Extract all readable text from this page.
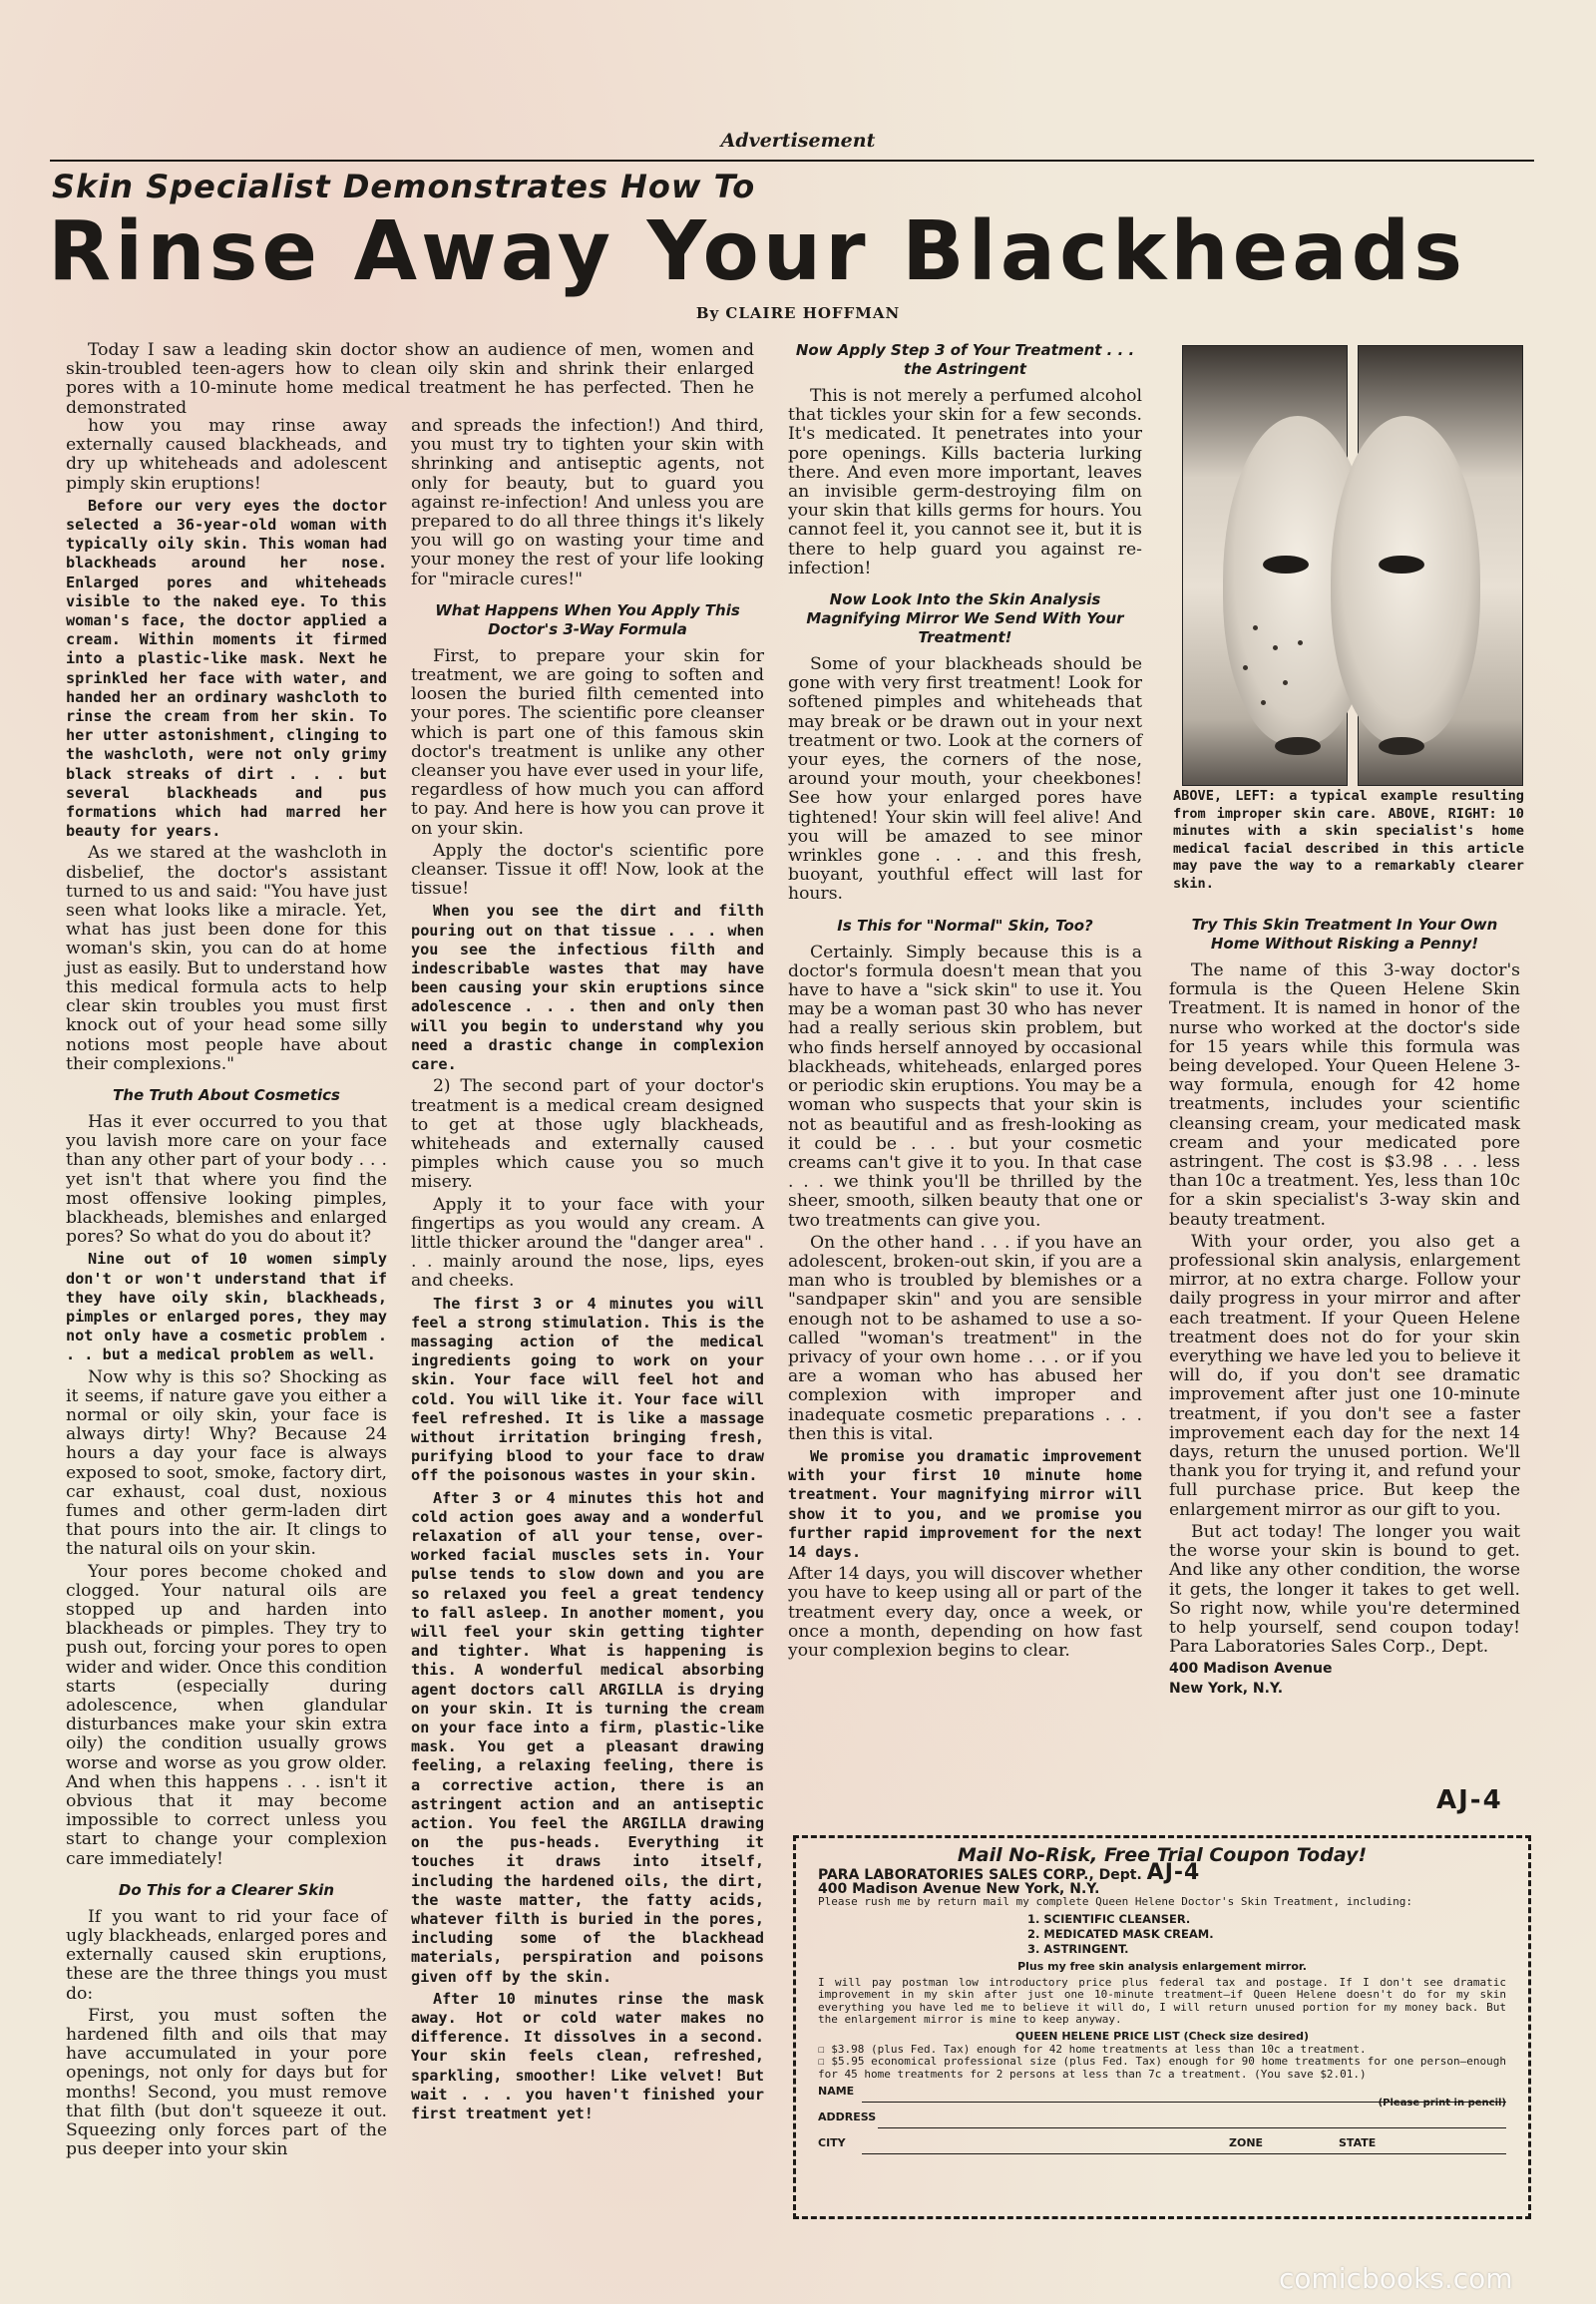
Advertisement
Skin Specialist Demonstrates How To
Rinse Away Your Blackheads
By CLAIRE HOFFMAN

Today I saw a leading skin doctor show an audience of men, women and skin-troubled teen-agers how to clean oily skin and shrink their enlarged pores with a 10-minute home medical treatment he has perfected. Then he demonstrated

how you may rinse away externally caused blackheads, and dry up whiteheads and adolescent pimply skin eruptions!

Before our very eyes the doctor selected a 36-year-old woman with typically oily skin. This woman had blackheads around her nose. Enlarged pores and whiteheads visible to the naked eye. To this woman's face, the doctor applied a cream. Within moments it firmed into a plastic-like mask. Next he sprinkled her face with water, and handed her an ordinary washcloth to rinse the cream from her skin. To her utter astonishment, clinging to the washcloth, were not only grimy black streaks of dirt . . . but several blackheads and pus formations which had marred her beauty for years.

As we stared at the washcloth in disbelief, the doctor's assistant turned to us and said: "You have just seen what looks like a miracle. Yet, what has just been done for this woman's skin, you can do at home just as easily. But to understand how this medical formula acts to help clear skin troubles you must first knock out of your head some silly notions most people have about their complexions."

The Truth About Cosmetics

Has it ever occurred to you that you lavish more care on your face than any other part of your body . . . yet isn't that where you find the most offensive looking pimples, blackheads, blemishes and enlarged pores? So what do you do about it?

Nine out of 10 women simply don't or won't understand that if they have oily skin, blackheads, pimples or enlarged pores, they may not only have a cosmetic problem . . . but a medical problem as well.

Now why is this so? Shocking as it seems, if nature gave you either a normal or oily skin, your face is always dirty! Why? Because 24 hours a day your face is always exposed to soot, smoke, factory dirt, car exhaust, coal dust, noxious fumes and other germ-laden dirt that pours into the air. It clings to the natural oils on your skin.

Your pores become choked and clogged. Your natural oils are stopped up and harden into blackheads or pimples. They try to push out, forcing your pores to open wider and wider. Once this condition starts (especially during adolescence, when glandular disturbances make your skin extra oily) the condition usually grows worse and worse as you grow older. And when this happens . . . isn't it obvious that it may become impossible to correct unless you start to change your complexion care immediately!

Do This for a Clearer Skin

If you want to rid your face of ugly blackheads, enlarged pores and externally caused skin eruptions, these are the three things you must do:

First, you must soften the hardened filth and oils that may have accumulated in your pore openings, not only for days but for months! Second, you must remove that filth (but don't squeeze it out. Squeezing only forces part of the pus deeper into your skin

and spreads the infection!) And third, you must try to tighten your skin with shrinking and antiseptic agents, not only for beauty, but to guard you against re-infection! And unless you are prepared to do all three things it's likely you will go on wasting your time and your money the rest of your life looking for "miracle cures!"

What Happens When You Apply This Doctor's 3-Way Formula

First, to prepare your skin for treatment, we are going to soften and loosen the buried filth cemented into your pores. The scientific pore cleanser which is part one of this famous skin doctor's treatment is unlike any other cleanser you have ever used in your life, regardless of how much you can afford to pay. And here is how you can prove it on your skin.

Apply the doctor's scientific pore cleanser. Tissue it off! Now, look at the tissue!

When you see the dirt and filth pouring out on that tissue . . . when you see the infectious filth and indescribable wastes that may have been causing your skin eruptions since adolescence . . . then and only then will you begin to understand why you need a drastic change in complexion care.

2) The second part of your doctor's treatment is a medical cream designed to get at those ugly blackheads, whiteheads and externally caused pimples which cause you so much misery.

Apply it to your face with your fingertips as you would any cream. A little thicker around the "danger area" . . . mainly around the nose, lips, eyes and cheeks.

The first 3 or 4 minutes you will feel a strong stimulation. This is the massaging action of the medical ingredients going to work on your skin. Your face will feel hot and cold. You will like it. Your face will feel refreshed. It is like a massage without irritation bringing fresh, purifying blood to your face to draw off the poisonous wastes in your skin.

After 3 or 4 minutes this hot and cold action goes away and a wonderful relaxation of all your tense, over-worked facial muscles sets in. Your pulse tends to slow down and you are so relaxed you feel a great tendency to fall asleep. In another moment, you will feel your skin getting tighter and tighter. What is happening is this. A wonderful medical absorbing agent doctors call ARGILLA is drying on your skin. It is turning the cream on your face into a firm, plastic-like mask. You get a pleasant drawing feeling, a relaxing feeling, there is a corrective action, there is an astringent action and an antiseptic action. You feel the ARGILLA drawing on the pus-heads. Everything it touches it draws into itself, including the hardened oils, the dirt, the waste matter, the fatty acids, whatever filth is buried in the pores, including some of the blackhead materials, perspiration and poisons given off by the skin.

After 10 minutes rinse the mask away. Hot or cold water makes no difference. It dissolves in a second. Your skin feels clean, refreshed, sparkling, smoother! Like velvet! But wait . . . you haven't finished your first treatment yet!

Now Apply Step 3 of Your Treatment . . . the Astringent

This is not merely a perfumed alcohol that tickles your skin for a few seconds. It's medicated. It penetrates into your pore openings. Kills bacteria lurking there. And even more important, leaves an invisible germ-destroying film on your skin that kills germs for hours. You cannot feel it, you cannot see it, but it is there to help guard you against re-infection!

Now Look Into the Skin Analysis Magnifying Mirror We Send With Your Treatment!

Some of your blackheads should be gone with very first treatment! Look for softened pimples and whiteheads that may break or be drawn out in your next treatment or two. Look at the corners of your eyes, the corners of the nose, around your mouth, your cheekbones! See how your enlarged pores have tightened! Your skin will feel alive! And you will be amazed to see minor wrinkles gone . . . and this fresh, buoyant, youthful effect will last for hours.

Is This for "Normal" Skin, Too?

Certainly. Simply because this is a doctor's formula doesn't mean that you have to have a "sick skin" to use it. You may be a woman past 30 who has never had a really serious skin problem, but who finds herself annoyed by occasional blackheads, whiteheads, enlarged pores or periodic skin eruptions. You may be a woman who suspects that your skin is not as beautiful and as fresh-looking as it could be . . . but your cosmetic creams can't give it to you. In that case . . . we think you'll be thrilled by the sheer, smooth, silken beauty that one or two treatments can give you.

On the other hand . . . if you have an adolescent, broken-out skin, if you are a man who is troubled by blemishes or a "sandpaper skin" and you are sensible enough not to be ashamed to use a so-called "woman's treatment" in the privacy of your own home . . . or if you are a woman who has abused her complexion with improper and inadequate cosmetic preparations . . . then this is vital.

We promise you dramatic improvement with your first 10 minute home treatment. Your magnifying mirror will show it to you, and we promise you further rapid improvement for the next 14 days.

After 14 days, you will discover whether you have to keep using all or part of the treatment every day, once a week, or once a month, depending on how fast your complexion begins to clear.

ABOVE, LEFT: a typical example resulting from improper skin care. ABOVE, RIGHT: 10 minutes with a skin specialist's home medical facial described in this article may pave the way to a remarkably clearer skin.
Try This Skin Treatment In Your Own Home Without Risking a Penny!

The name of this 3-way doctor's formula is the Queen Helene Skin Treatment. It is named in honor of the nurse who worked at the doctor's side for 15 years while this formula was being developed. Your Queen Helene 3-way formula, enough for 42 home treatments, includes your scientific cleansing cream, your medicated mask cream and your medicated pore astringent. The cost is $3.98 . . . less than 10c a treatment. Yes, less than 10c for a skin specialist's 3-way skin and beauty treatment.

With your order, you also get a professional skin analysis, enlargement mirror, at no extra charge. Follow your daily progress in your mirror and after each treatment. If your Queen Helene treatment does not do for your skin everything we have led you to believe it will do, if you don't see dramatic improvement after just one 10-minute treatment, if you don't see a faster improvement each day for the next 14 days, return the unused portion. We'll thank you for trying it, and refund your full purchase price. But keep the enlargement mirror as our gift to you.

But act today! The longer you wait the worse your skin is bound to get. And like any other condition, the worse it gets, the longer it takes to get well. So right now, while you're determined to help yourself, send coupon today! Para Laboratories Sales Corp., Dept.

400 Madison Avenue

New York, N.Y.

AJ-4
Mail No-Risk, Free Trial Coupon Today!
PARA LABORATORIES SALES CORP., Dept. AJ-4
400 Madison Avenue New York, N.Y.
Please rush me by return mail my complete Queen Helene Doctor's Skin Treatment, including:
1. SCIENTIFIC CLEANSER.
2. MEDICATED MASK CREAM.
3. ASTRINGENT.
Plus my free skin analysis enlargement mirror.
I will pay postman low introductory price plus federal tax and postage. If I don't see dramatic improvement in my skin after just one 10-minute treatment—if Queen Helene doesn't do for my skin everything you have led me to believe it will do, I will return unused portion for my money back. But the enlargement mirror is mine to keep anyway.
QUEEN HELENE PRICE LIST (Check size desired)
☐ $3.98 (plus Fed. Tax) enough for 42 home treatments at less than 10c a treatment.
☐ $5.95 economical professional size (plus Fed. Tax) enough for 90 home treatments for one person—enough for 45 home treatments for 2 persons at less than 7c a treatment. (You save $2.01.)
NAME
(Please print in pencil)
ADDRESS
CITY	ZONE	STATE
comicbooks.com
